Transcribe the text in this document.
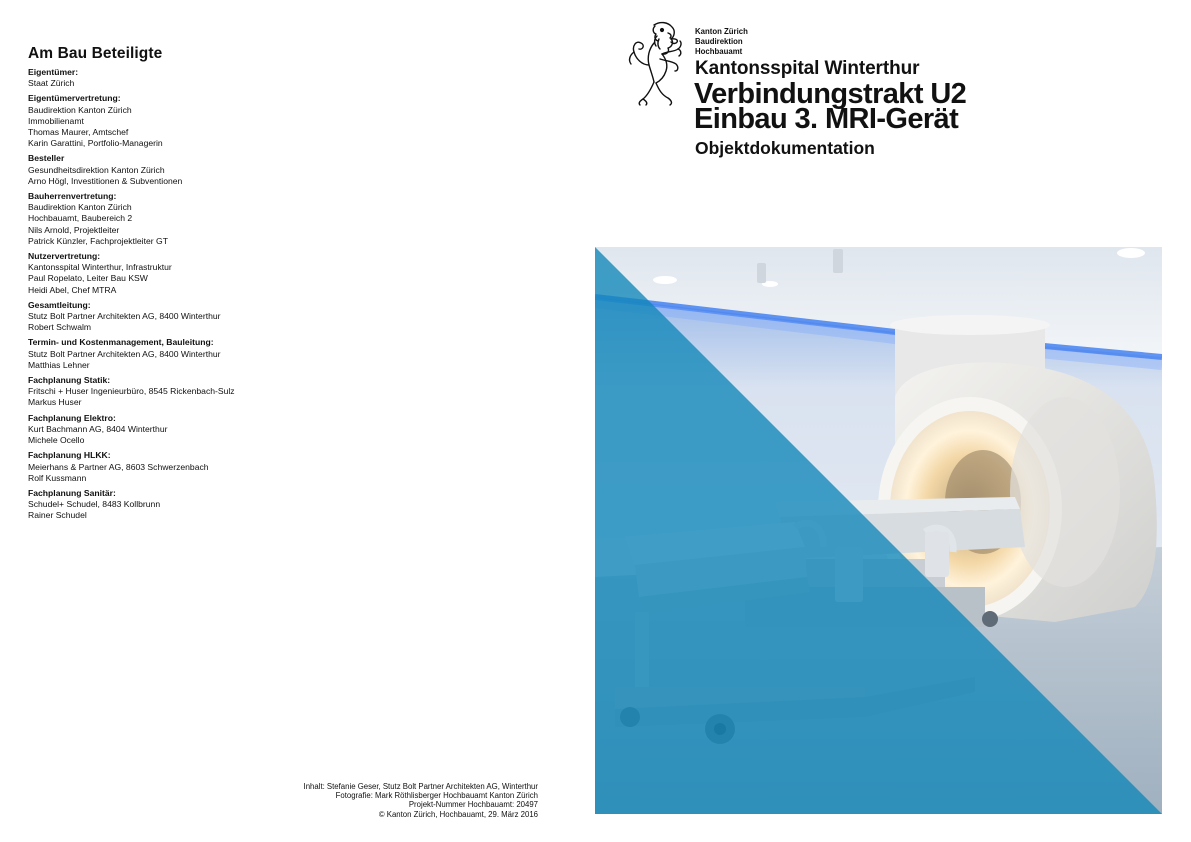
Am Bau Beteiligte
Eigentümer:
Staat Zürich
Eigentümervertretung:
Baudirektion Kanton Zürich
Immobilienamt
Thomas Maurer, Amtschef
Karin Garattini, Portfolio-Managerin
Besteller
Gesundheitsdirektion Kanton Zürich
Arno Högl, Investitionen & Subventionen
Bauherrenvertretung:
Baudirektion Kanton Zürich
Hochbauamt, Baubereich 2
Nils Arnold, Projektleiter
Patrick Künzler, Fachprojektleiter GT
Nutzervertretung:
Kantonsspital Winterthur, Infrastruktur
Paul Ropelato, Leiter Bau KSW
Heidi Abel, Chef MTRA
Gesamtleitung:
Stutz Bolt Partner Architekten AG, 8400 Winterthur
Robert Schwalm
Termin- und Kostenmanagement, Bauleitung:
Stutz Bolt Partner Architekten AG, 8400 Winterthur
Matthias Lehner
Fachplanung Statik:
Fritschi + Huser Ingenieurbüro, 8545 Rickenbach-Sulz
Markus Huser
Fachplanung Elektro:
Kurt Bachmann AG, 8404 Winterthur
Michele Ocello
Fachplanung HLKK:
Meierhans & Partner AG, 8603 Schwerzenbach
Rolf Kussmann
Fachplanung Sanitär:
Schudel+ Schudel, 8483 Kollbrunn
Rainer Schudel
Inhalt: Stefanie Geser, Stutz Bolt Partner Architekten AG, Winterthur
Fotografie: Mark Röthlisberger Hochbauamt Kanton Zürich
Projekt-Nummer Hochbauamt: 20497
© Kanton Zürich, Hochbauamt, 29. März 2016
Kanton Zürich
Baudirektion
Hochbauamt
Kantonsspital Winterthur
Verbindungstrakt U2
Einbau 3. MRI-Gerät
Objektdokumentation
